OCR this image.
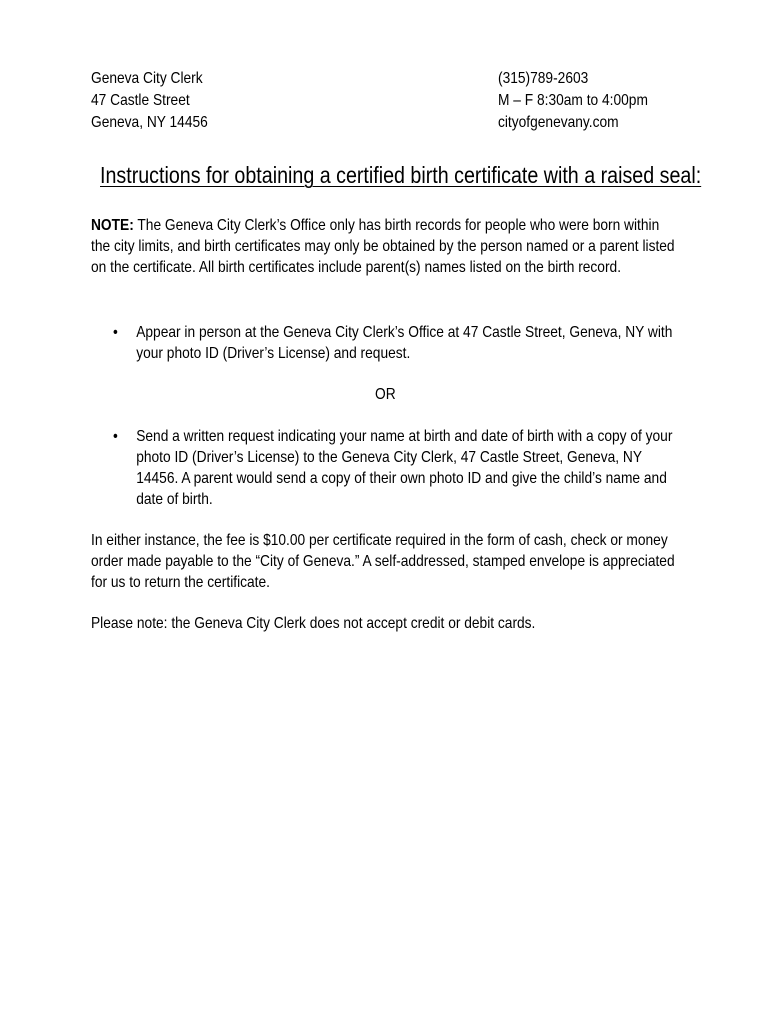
Geneva City Clerk
47 Castle Street
Geneva, NY 14456
(315)789-2603
M – F 8:30am to 4:00pm
cityofgenevany.com
Instructions for obtaining a certified birth certificate with a raised seal:

NOTE: The Geneva City Clerk’s Office only has birth records for people who were born within the city limits, and birth certificates may only be obtained by the person named or a parent listed on the certificate. All birth certificates include parent(s) names listed on the birth record.

•	Appear in person at the Geneva City Clerk’s Office at 47 Castle Street, Geneva, NY with your photo ID (Driver’s License) and request.
OR
•	Send a written request indicating your name at birth and date of birth with a copy of your photo ID (Driver’s License) to the Geneva City Clerk, 47 Castle Street, Geneva, NY 14456. A parent would send a copy of their own photo ID and give the child’s name and date of birth.

In either instance, the fee is $10.00 per certificate required in the form of cash, check or money order made payable to the “City of Geneva.” A self-addressed, stamped envelope is appreciated for us to return the certificate.

Please note: the Geneva City Clerk does not accept credit or debit cards.
